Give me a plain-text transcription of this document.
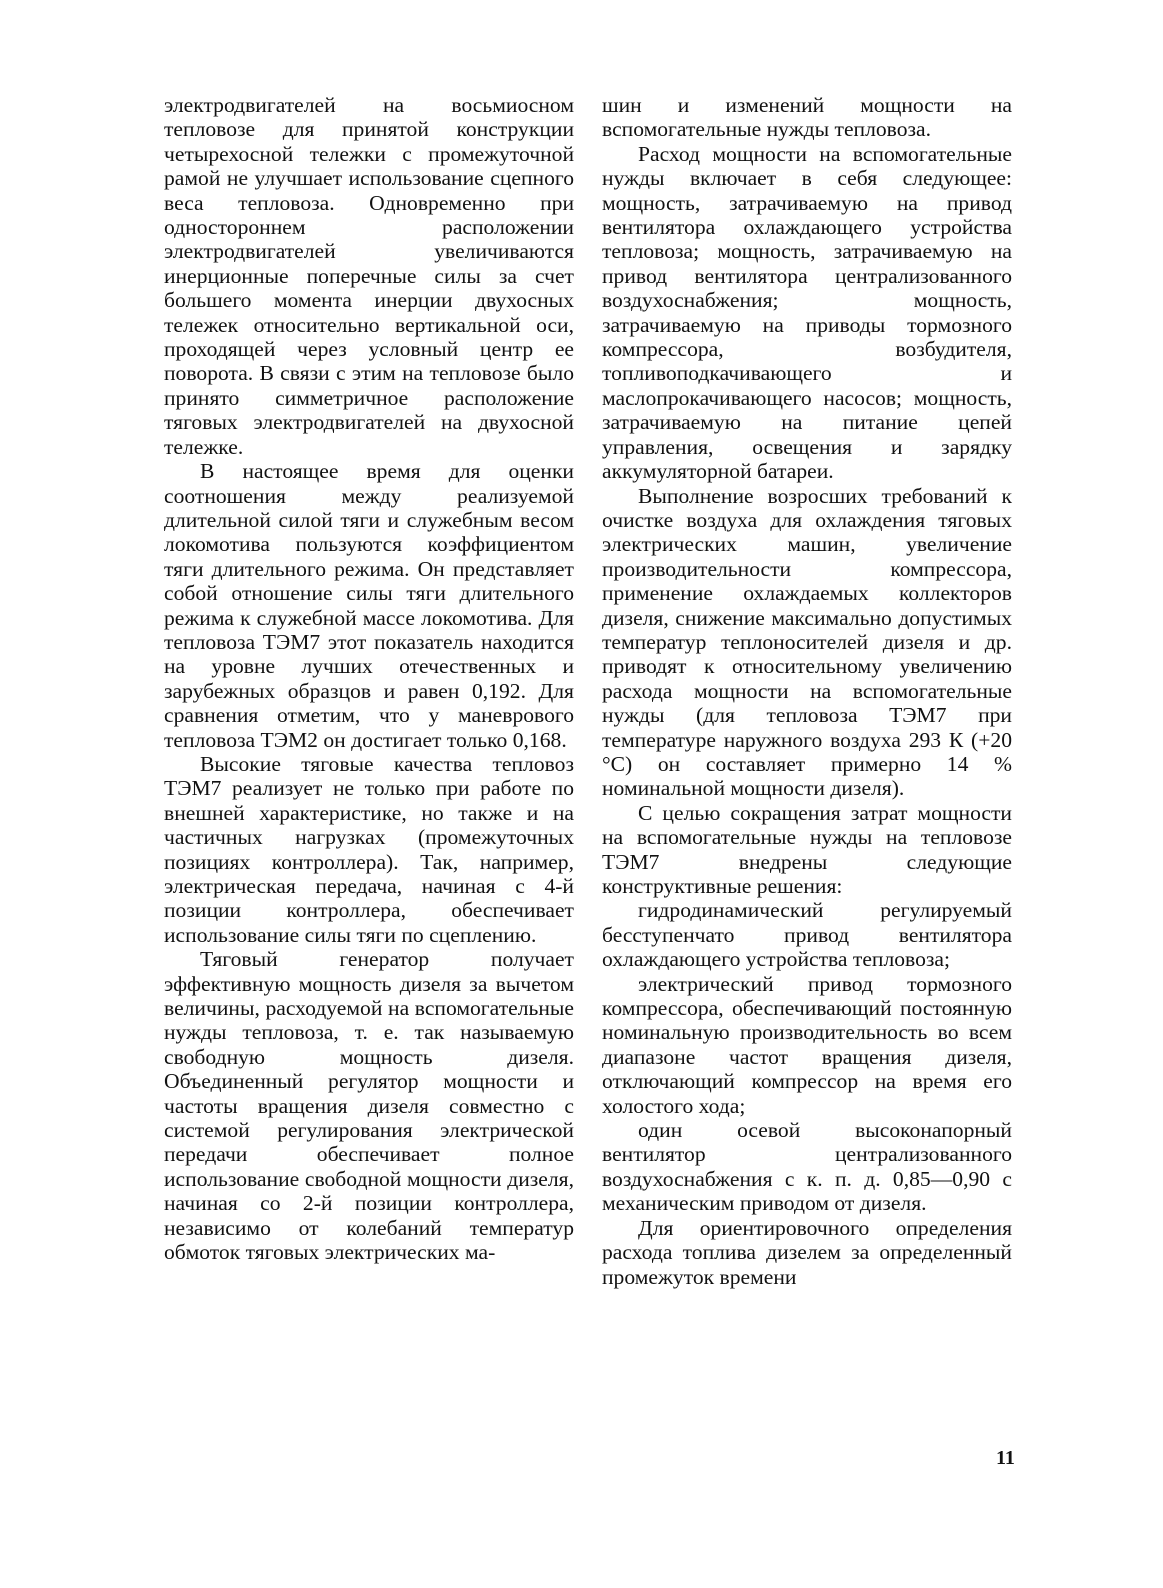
электродвигателей на восьмиосном тепловозе для принятой конструкции четырехосной тележки с промежуточной рамой не улучшает использование сцепного веса тепловоза. Одновременно при одностороннем расположении электродвигателей увеличиваются инерционные поперечные силы за счет большего момента инерции двухосных тележек относительно вертикальной оси, проходящей через условный центр ее поворота. В связи с этим на тепловозе было принято симметричное расположение тяговых электродвигателей на двухосной тележке.

В настоящее время для оценки соотношения между реализуемой длительной силой тяги и служебным весом локомотива пользуются коэффициентом тяги длительного режима. Он представляет собой отношение силы тяги длительного режима к служебной массе локомотива. Для тепловоза ТЭМ7 этот показатель находится на уровне лучших отечественных и зарубежных образцов и равен 0,192. Для сравнения отметим, что у маневрового тепловоза ТЭМ2 он достигает только 0,168.

Высокие тяговые качества тепловоз ТЭМ7 реализует не только при работе по внешней характеристике, но также и на частичных нагрузках (промежуточных позициях контроллера). Так, например, электрическая передача, начиная с 4-й позиции контроллера, обеспечивает использование силы тяги по сцеплению.

Тяговый генератор получает эффективную мощность дизеля за вычетом величины, расходуемой на вспомогательные нужды тепловоза, т. е. так называемую свободную мощность дизеля. Объединенный регулятор мощности и частоты вращения дизеля совместно с системой регулирования электрической передачи обеспечивает полное использование свободной мощности дизеля, начиная со 2-й позиции контроллера, независимо от колебаний температур обмоток тяговых электрических ма-

шин и изменений мощности на вспомогательные нужды тепловоза.

Расход мощности на вспомогательные нужды включает в себя следующее: мощность, затрачиваемую на привод вентилятора охлаждающего устройства тепловоза; мощность, затрачиваемую на привод вентилятора централизованного воздухоснабжения; мощность, затрачиваемую на приводы тормозного компрессора, возбудителя, топливоподкачивающего и маслопрокачивающего насосов; мощность, затрачиваемую на питание цепей управления, освещения и зарядку аккумуляторной батареи.

Выполнение возросших требований к очистке воздуха для охлаждения тяговых электрических машин, увеличение производительности компрессора, применение охлаждаемых коллекторов дизеля, снижение максимально допустимых температур теплоносителей дизеля и др. приводят к относительному увеличению расхода мощности на вспомогательные нужды (для тепловоза ТЭМ7 при температуре наружного воздуха 293 К (+20 °С) он составляет примерно 14 % номинальной мощности дизеля).

С целью сокращения затрат мощности на вспомогательные нужды на тепловозе ТЭМ7 внедрены следующие конструктивные решения:

гидродинамический регулируемый бесступенчато привод вентилятора охлаждающего устройства тепловоза;

электрический привод тормозного компрессора, обеспечивающий постоянную номинальную производительность во всем диапазоне частот вращения дизеля, отключающий компрессор на время его холостого хода;

один осевой высоконапорный вентилятор централизованного воздухоснабжения с к. п. д. 0,85—0,90 с механическим приводом от дизеля.

Для ориентировочного определения расхода топлива дизелем за определенный промежуток времени

11
